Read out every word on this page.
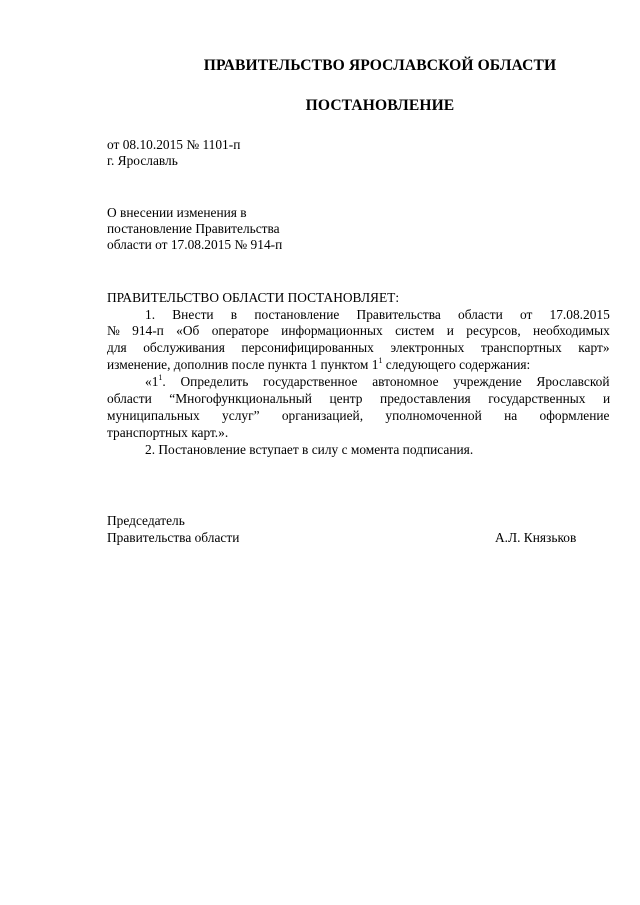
ПРАВИТЕЛЬСТВО ЯРОСЛАВСКОЙ ОБЛАСТИ
ПОСТАНОВЛЕНИЕ
от 08.10.2015 № 1101-п
г. Ярославль
О внесении изменения в
постановление Правительства
области от 17.08.2015 № 914-п
ПРАВИТЕЛЬСТВО ОБЛАСТИ ПОСТАНОВЛЯЕТ:
1. Внести в постановление Правительства области от 17.08.2015
№ 914-п «Об операторе информационных систем и ресурсов, необходимых
для обслуживания персонифицированных электронных транспортных карт»
изменение, дополнив после пункта 1 пунктом $1^1$ следующего содержания:
«$1^1$. Определить государственное автономное учреждение Ярославской
области “Многофункциональный центр предоставления государственных и
муниципальных услуг” организацией, уполномоченной на оформление
транспортных карт.».
2. Постановление вступает в силу с момента подписания.
Председатель
Правительства области	А.Л. Князьков
